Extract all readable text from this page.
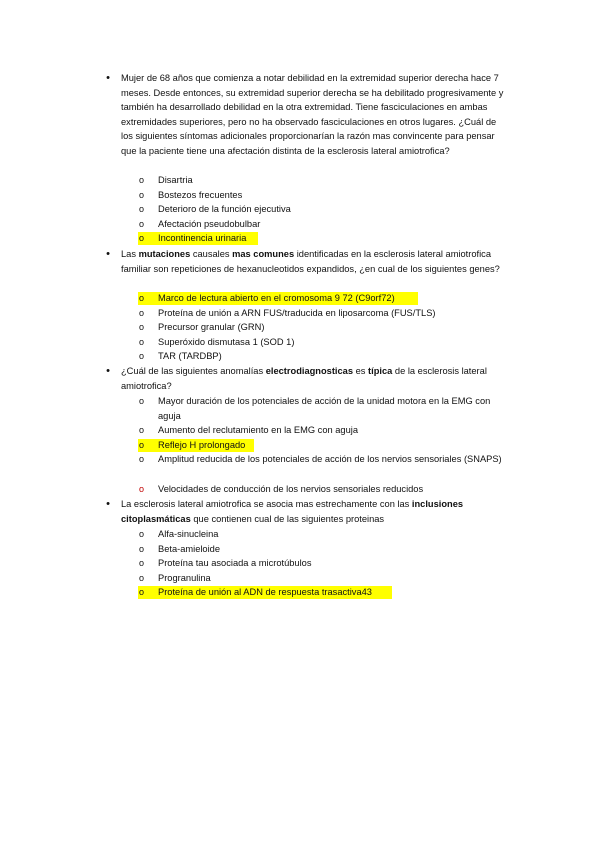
• Mujer de 68 años que comienza a notar debilidad en la extremidad superior derecha hace 7 meses. Desde entonces, su extremidad superior derecha se ha debilitado progresivamente y también ha desarrollado debilidad en la otra extremidad. Tiene fasciculaciones en ambas extremidades superiores, pero no ha observado fasciculaciones en otros lugares. ¿Cuál de los siguientes síntomas adicionales proporcionarían la razón mas convincente para pensar que la paciente tiene una afectación distinta de la esclerosis lateral amiotrofica?
o	Disartria
o	Bostezos frecuentes
o	Deterioro de la función ejecutiva
o	Afectación pseudobulbar
o	Incontinencia urinaria
• Las mutaciones causales mas comunes identificadas en la esclerosis lateral amiotrofica familiar son repeticiones de hexanucleotidos expandidos, ¿en cual de los siguientes genes?
o	Marco de lectura abierto en el cromosoma 9 72 (C9orf72)
o	Proteína de unión a ARN FUS/traducida en liposarcoma (FUS/TLS)
o	Precursor granular (GRN)
o	Superóxido dismutasa 1 (SOD 1)
o	TAR (TARDBP)
• ¿Cuál de las siguientes anomalías electrodiagnosticas es típica de la esclerosis lateral amiotrofica?
o	Mayor duración de los potenciales de acción de la unidad motora en la EMG con aguja
o	Aumento del reclutamiento en la EMG con aguja
o	Reflejo H prolongado
o	Amplitud reducida de los potenciales de acción de los nervios sensoriales (SNAPS)
o	Velocidades de conducción de los nervios sensoriales reducidos
• La esclerosis lateral amiotrofica se asocia mas estrechamente con las inclusiones citoplasmáticas que contienen cual de las siguientes proteinas
o	Alfa-sinucleina
o	Beta-amieloide
o	Proteína tau asociada a microtúbulos
o	Progranulina
o	Proteína de unión al ADN de respuesta trasactiva43
